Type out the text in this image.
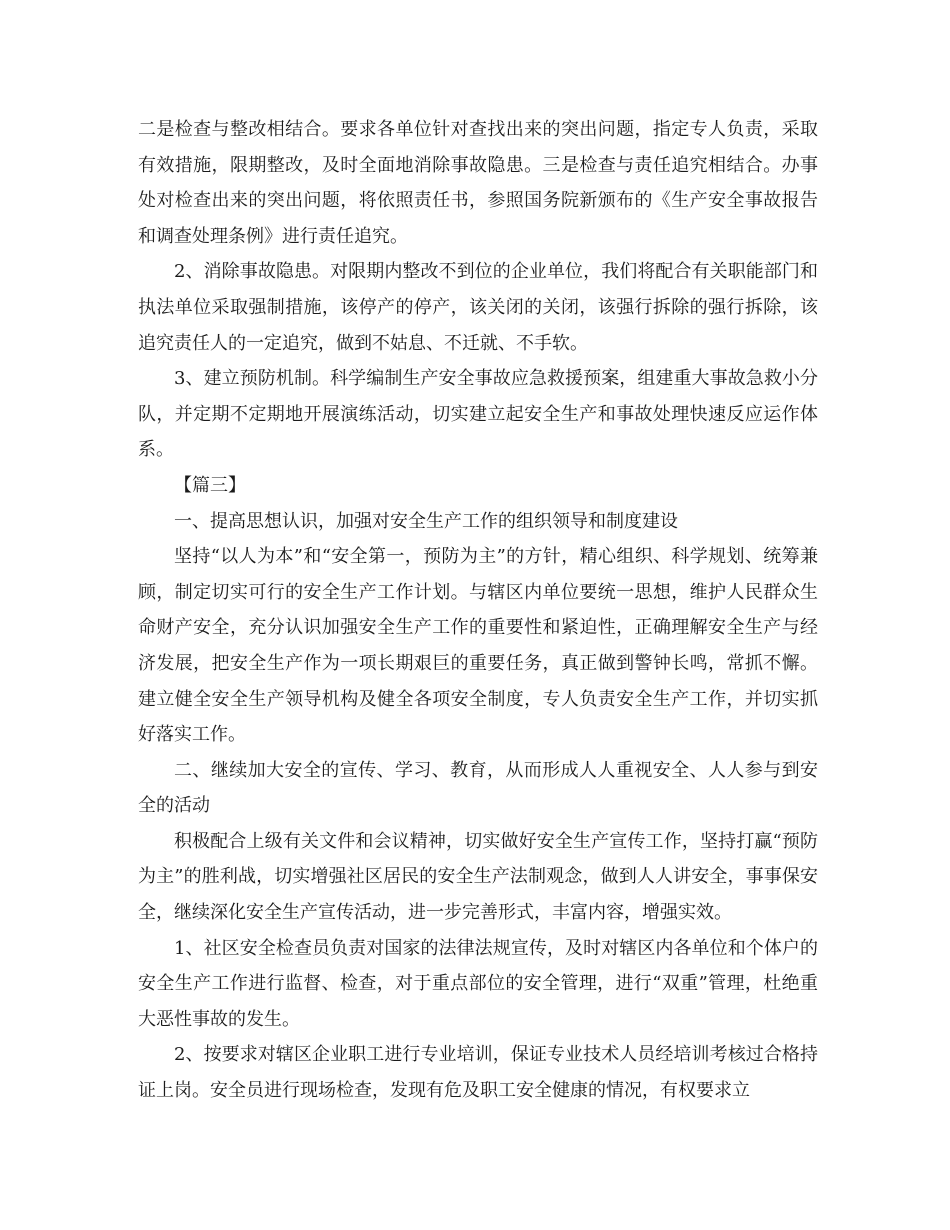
二是检查与整改相结合。要求各单位针对查找出来的突出问题，指定专人负责，采取有效措施，限期整改，及时全面地消除事故隐患。三是检查与责任追究相结合。办事处对检查出来的突出问题，将依照责任书，参照国务院新颁布的《生产安全事故报告和调查处理条例》进行责任追究。

2、消除事故隐患。对限期内整改不到位的企业单位，我们将配合有关职能部门和执法单位采取强制措施，该停产的停产，该关闭的关闭，该强行拆除的强行拆除，该追究责任人的一定追究，做到不姑息、不迁就、不手软。

3、建立预防机制。科学编制生产安全事故应急救援预案，组建重大事故急救小分队，并定期不定期地开展演练活动，切实建立起安全生产和事故处理快速反应运作体系。

【篇三】

一、提高思想认识，加强对安全生产工作的组织领导和制度建设

坚持“以人为本”和“安全第一，预防为主”的方针，精心组织、科学规划、统筹兼顾，制定切实可行的安全生产工作计划。与辖区内单位要统一思想，维护人民群众生命财产安全，充分认识加强安全生产工作的重要性和紧迫性，正确理解安全生产与经济发展，把安全生产作为一项长期艰巨的重要任务，真正做到警钟长鸣，常抓不懈。建立健全安全生产领导机构及健全各项安全制度，专人负责安全生产工作，并切实抓好落实工作。

二、继续加大安全的宣传、学习、教育，从而形成人人重视安全、人人参与到安全的活动

积极配合上级有关文件和会议精神，切实做好安全生产宣传工作，坚持打赢“预防为主”的胜利战，切实增强社区居民的安全生产法制观念，做到人人讲安全，事事保安全，继续深化安全生产宣传活动，进一步完善形式，丰富内容，增强实效。

1、社区安全检查员负责对国家的法律法规宣传，及时对辖区内各单位和个体户的安全生产工作进行监督、检查，对于重点部位的安全管理，进行“双重”管理，杜绝重大恶性事故的发生。

2、按要求对辖区企业职工进行专业培训，保证专业技术人员经培训考核过合格持证上岗。安全员进行现场检查，发现有危及职工安全健康的情况，有权要求立
